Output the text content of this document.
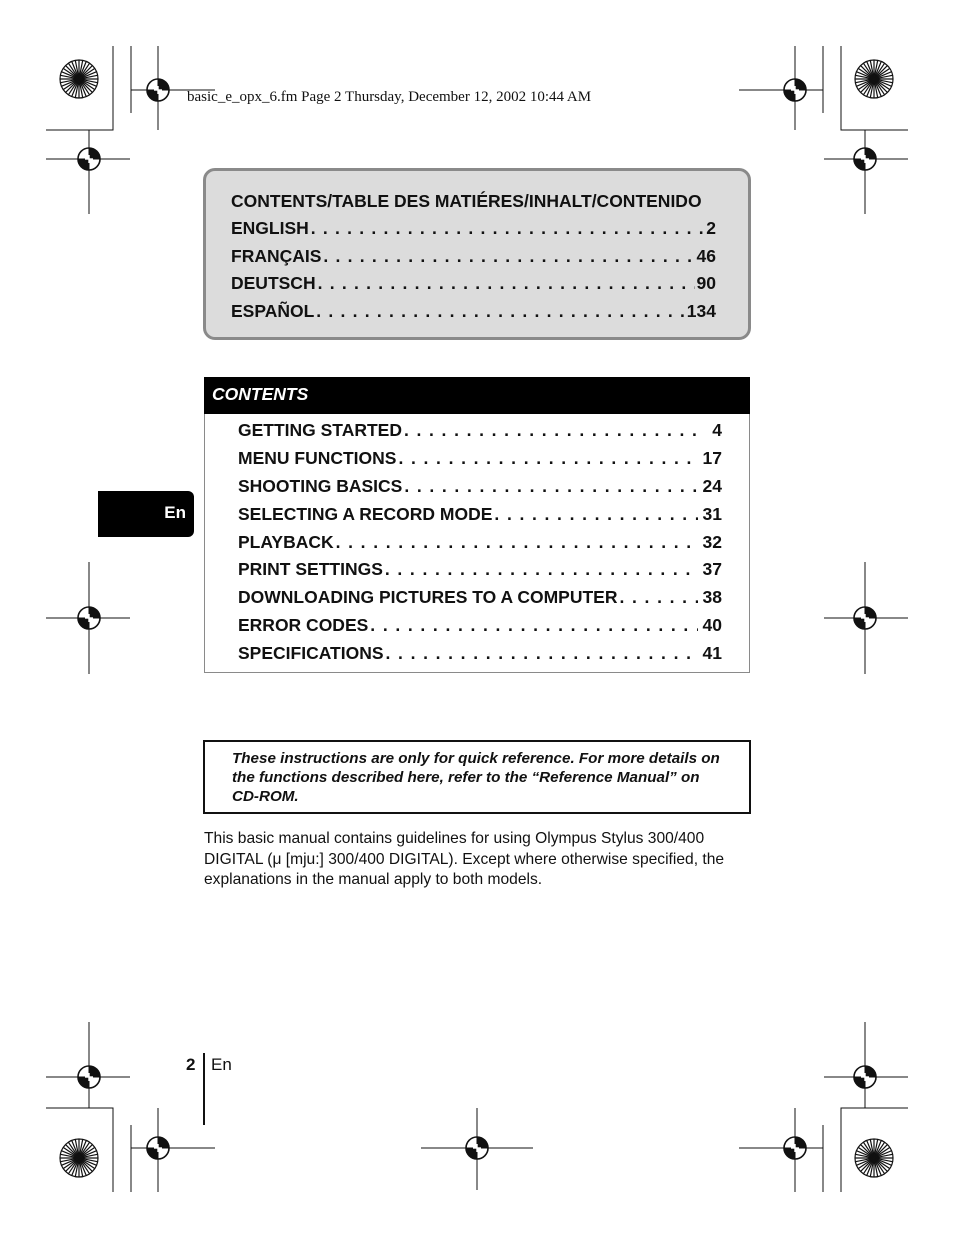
basic_e_opx_6.fm Page 2 Thursday, December 12, 2002 10:44 AM
CONTENTS/TABLE DES MATIÉRES/INHALT/CONTENIDO
ENGLISH . . .	2
FRANÇAIS . . .	46
DEUTSCH . . .	90
ESPAÑOL . . .	134
CONTENTS
GETTING STARTED . . .	4
MENU FUNCTIONS . . .	17
SHOOTING BASICS . . .	24
SELECTING A RECORD MODE . . .	31
PLAYBACK . . .	32
PRINT SETTINGS . . .	37
DOWNLOADING PICTURES TO A COMPUTER . . .	38
ERROR CODES . . .	40
SPECIFICATIONS . . .	41
En
These instructions are only for quick reference. For more details on the functions described here, refer to the “Reference Manual” on CD-ROM.
This basic manual contains guidelines for using Olympus Stylus 300/400 DIGITAL (μ [mju:] 300/400 DIGITAL). Except where otherwise specified, the explanations in the manual apply to both models.
2 En
